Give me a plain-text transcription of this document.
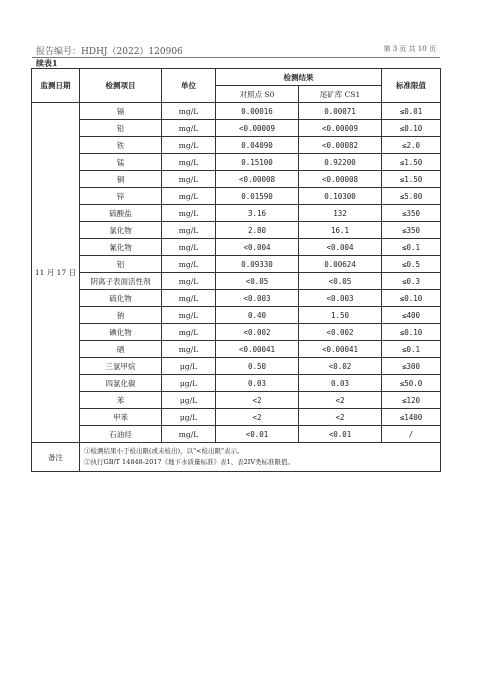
报告编号：HDHJ（2022）120906	第 3 页 共 10 页
续表1
监测日期	检测项目	单位	检测结果		标准限值
			对照点 S0	尾矿库 CS1	
11 月 17 日	镉	mg/L	0.00016	0.00071	≤0.01
	铅	mg/L	<0.00009	<0.00009	≤0.10
	铁	mg/L	0.04090	<0.00082	≤2.0
	锰	mg/L	0.15100	0.92200	≤1.50
	铜	mg/L	<0.00008	<0.00008	≤1.50
	锌	mg/L	0.01590	0.10300	≤5.00
	硫酸盐	mg/L	3.16	132	≤350
	氯化物	mg/L	2.80	16.1	≤350
	氰化物	mg/L	<0.004	<0.004	≤0.1
	铝	mg/L	0.09330	0.00624	≤0.5
	阴离子表面活性剂	mg/L	<0.05	<0.05	≤0.3
	硫化物	mg/L	<0.003	<0.003	≤0.10
	钠	mg/L	0.40	1.50	≤400
	碘化物	mg/L	<0.002	<0.002	≤0.10
	硒	mg/L	<0.00041	<0.00041	≤0.1
	三氯甲烷	μg/L	0.50	<0.02	≤300
	四氯化碳	μg/L	0.03	0.03	≤50.0
	苯	μg/L	<2	<2	≤120
	甲苯	μg/L	<2	<2	≤1400
	石油烃	mg/L	<0.01	<0.01	/
备注	①检测结果小于检出限(或未检出)，以"<检出限"表示。
②执行GB/T 14848-2017《地下水质量标准》表1、表2IV类标准限值。				
